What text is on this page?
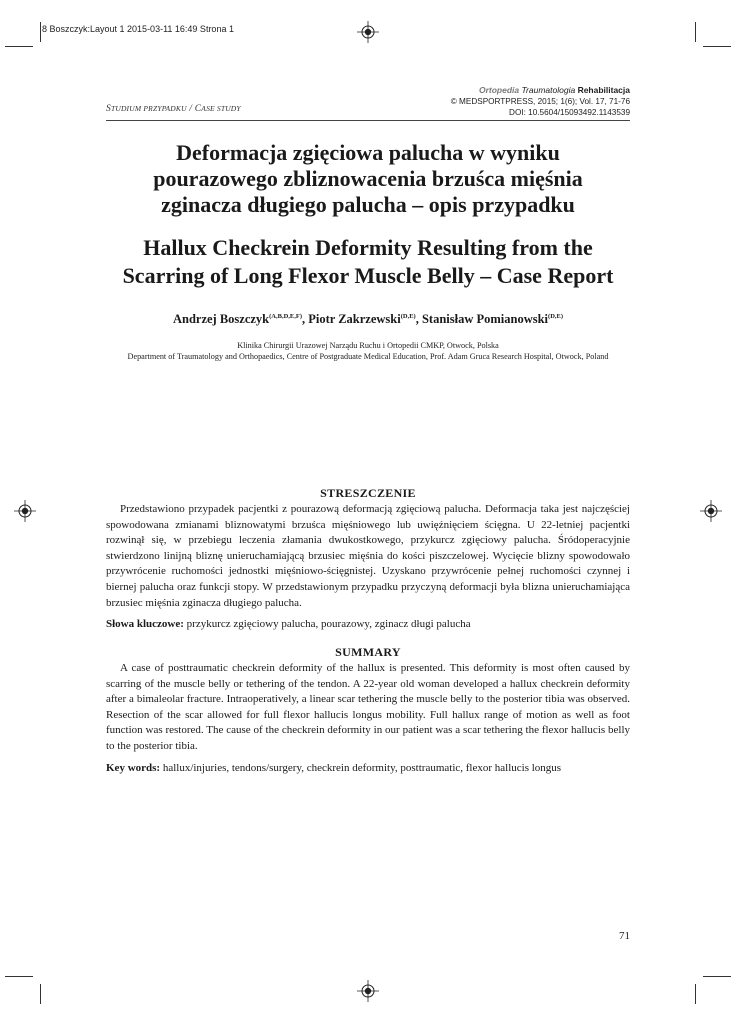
8 Boszczyk:Layout 1 2015-03-11 16:49 Strona 1
Ortopedia Traumatologia Rehabilitacja
© MEDSPORTPRESS, 2015; 1(6); Vol. 17, 71-76
DOI: 10.5604/15093492.1143539
STUDIUM PRZYPADKU / CASE STUDY
Deformacja zgięciowa palucha w wyniku
pourazowego zbliznowacenia brzuśca mięśnia
zginacza długiego palucha – opis przypadku
Hallux Checkrein Deformity Resulting from the
Scarring of Long Flexor Muscle Belly – Case Report
Andrzej Boszczyk$^{(A,B,D,E,F)}$, Piotr Zakrzewski$^{(D,E)}$, Stanisław Pomianowski$^{(D,E)}$
Klinika Chirurgii Urazowej Narządu Ruchu i Ortopedii CMKP, Otwock, Polska
Department of Traumatology and Orthopaedics, Centre of Postgraduate Medical Education, Prof. Adam Gruca Research Hospital, Otwock, Poland
STRESZCZENIE
Przedstawiono przypadek pacjentki z pourazową deformacją zgięciową palucha. Deformacja taka jest najczęściej spowodowana zmianami bliznowatymi brzuśca mięśniowego lub uwięźnięciem ścięgna. U 22-letniej pacjentki rozwinął się, w przebiegu leczenia złamania dwukostkowego, przykurcz zgięciowy palucha. Śródoperacyjnie stwierdzono linijną bliznę unieruchamiającą brzusiec mięśnia do kości piszczelowej. Wycięcie blizny spowodowało przywrócenie ruchomości jednostki mięśniowo-ścięgnistej. Uzyskano przywrócenie pełnej ruchomości czynnej i biernej palucha oraz funkcji stopy. W przedstawionym przypadku przyczyną deformacji była blizna unieruchamiająca brzusiec mięśnia zginacza długiego palucha.
Słowa kluczowe: przykurcz zgięciowy palucha, pourazowy, zginacz długi palucha
SUMMARY
A case of posttraumatic checkrein deformity of the hallux is presented. This deformity is most often caused by scarring of the muscle belly or tethering of the tendon. A 22-year old woman developed a hallux checkrein deformity after a bimaleolar fracture. Intraoperatively, a linear scar tethering the muscle belly to the posterior tibia was observed. Resection of the scar allowed for full flexor hallucis longus mobility. Full hallux range of motion as well as foot function was restored. The cause of the checkrein deformity in our patient was a scar tethering the flexor hallucis belly to the posterior tibia.
Key words: hallux/injuries, tendons/surgery, checkrein deformity, posttraumatic, flexor hallucis longus
71
